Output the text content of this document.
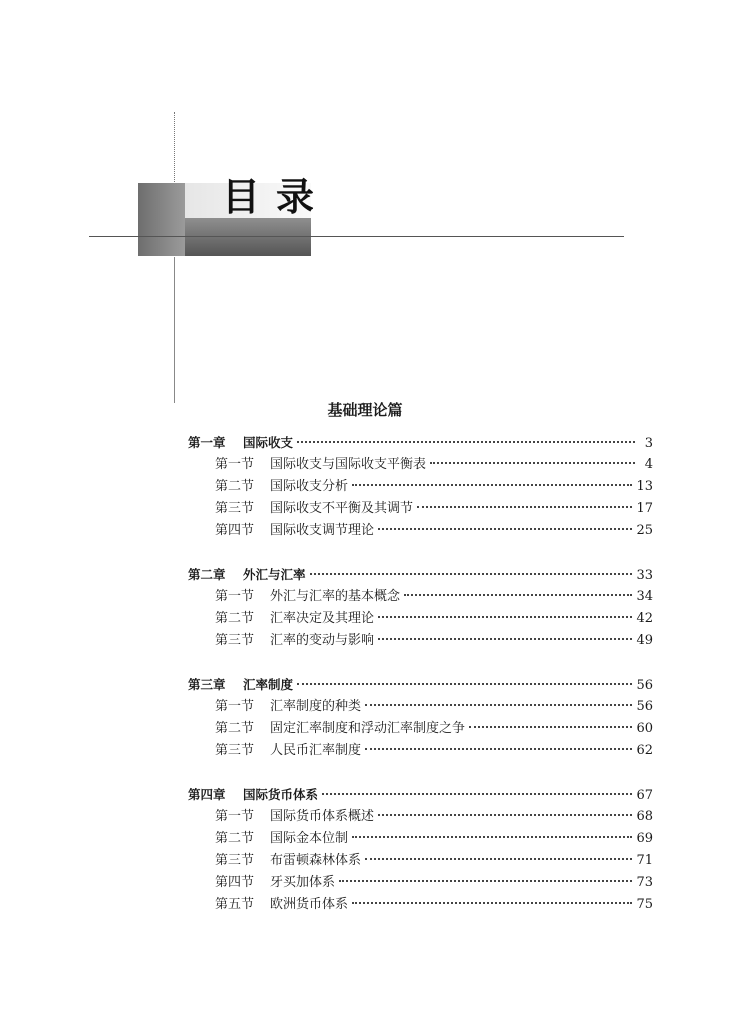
目录
基础理论篇
第一章	国际收支	3
第一节	国际收支与国际收支平衡表	4
第二节	国际收支分析	13
第三节	国际收支不平衡及其调节	17
第四节	国际收支调节理论	25
第二章	外汇与汇率	33
第一节	外汇与汇率的基本概念	34
第二节	汇率决定及其理论	42
第三节	汇率的变动与影响	49
第三章	汇率制度	56
第一节	汇率制度的种类	56
第二节	固定汇率制度和浮动汇率制度之争	60
第三节	人民币汇率制度	62
第四章	国际货币体系	67
第一节	国际货币体系概述	68
第二节	国际金本位制	69
第三节	布雷顿森林体系	71
第四节	牙买加体系	73
第五节	欧洲货币体系	75
